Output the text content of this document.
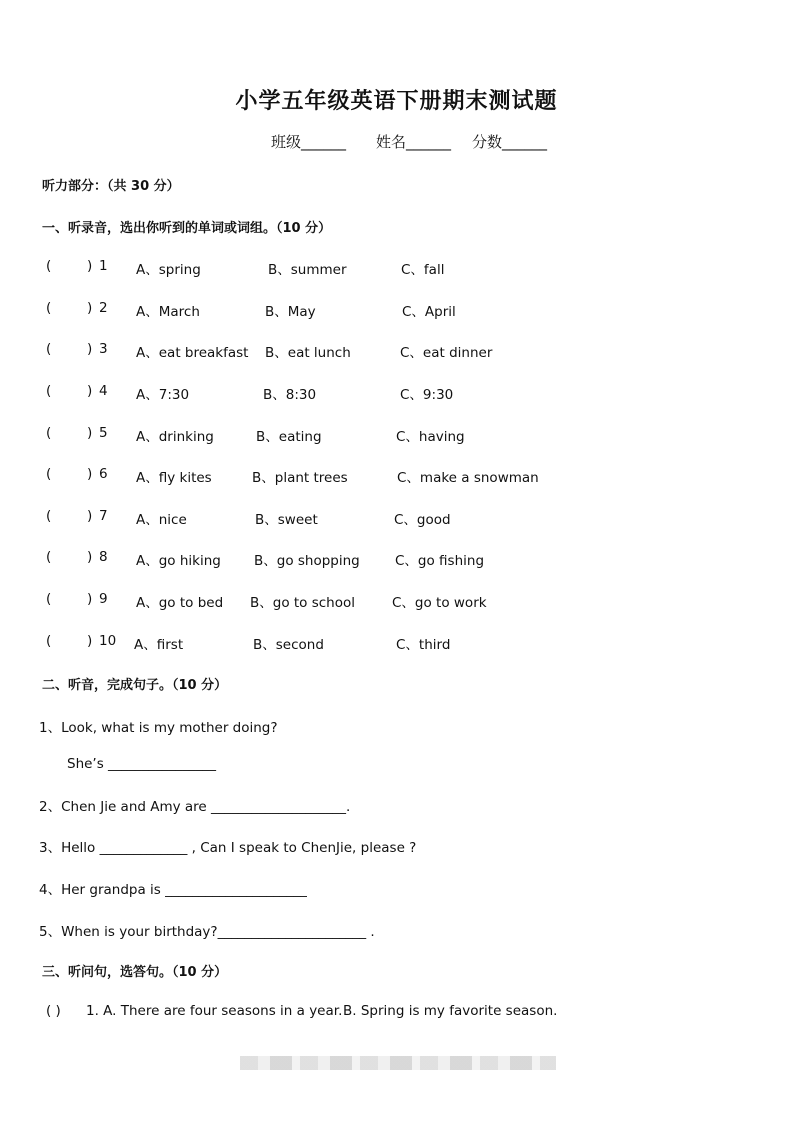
小学五年级英语下册期末测试题
班级______ 姓名______ 分数______
听力部分：（共 30 分）
一、听录音，选出你听到的单词或词组。（10 分）
(	) 1 A、spring	B、summer	C、fall
(	) 2 A、March	B、May	C、April
(	) 3 A、eat breakfast B、eat lunch	C、eat dinner
(	) 4 A、7:30	B、8:30	C、9:30
(	) 5 A、drinking	B、eating	C、having
(	) 6 A、fly kites	B、plant trees	C、make a snowman
(	) 7 A、nice	B、sweet	C、good
(	) 8 A、go hiking B、go shopping	C、go fishing
(	) 9 A、go to bed B、go to school	C、go to work
(	) 10 A、first	B、second	C、third
二、听音，完成句子。（10 分）
1、Look, what is my mother doing?
She’s ________________
2、Chen Jie and Amy are ____________________.
3、Hello _____________ , Can I speak to ChenJie, please ?
4、Her grandpa is _____________________
5、When is your birthday?______________________ .
三、听问句，选答句。（10 分）
( ) 1. A. There are four seasons in a year. B. Spring is my favorite season.
